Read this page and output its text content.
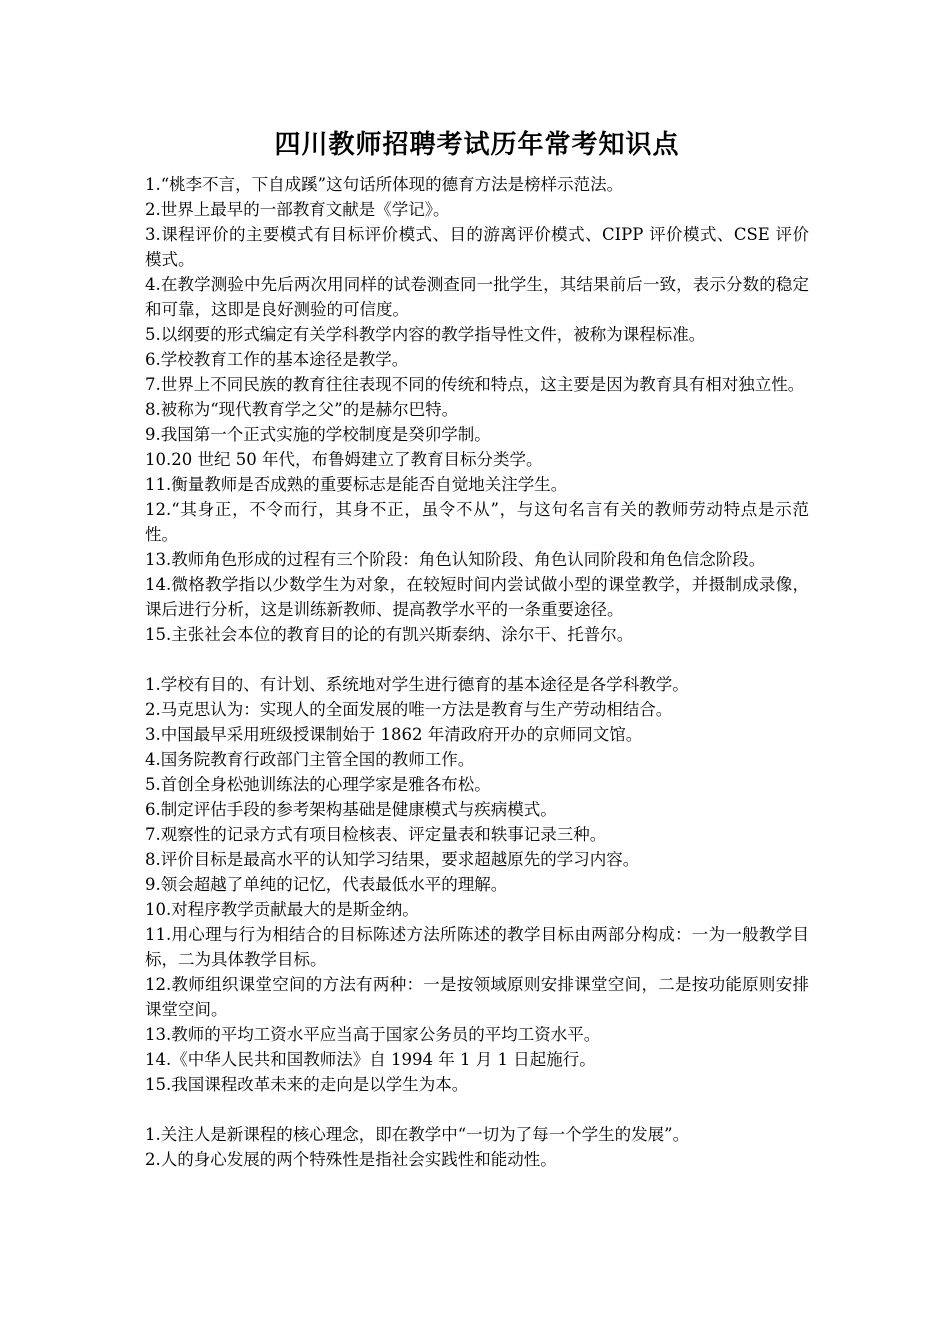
四川教师招聘考试历年常考知识点

1.“桃李不言，下自成蹊”这句话所体现的德育方法是榜样示范法。

2.世界上最早的一部教育文献是《学记》。

3.课程评价的主要模式有目标评价模式、目的游离评价模式、CIPP 评价模式、CSE 评价模式。

4.在教学测验中先后两次用同样的试卷测查同一批学生，其结果前后一致，表示分数的稳定和可靠，这即是良好测验的可信度。

5.以纲要的形式编定有关学科教学内容的教学指导性文件，被称为课程标准。

6.学校教育工作的基本途径是教学。

7.世界上不同民族的教育往往表现不同的传统和特点，这主要是因为教育具有相对独立性。

8.被称为“现代教育学之父”的是赫尔巴特。

9.我国第一个正式实施的学校制度是癸卯学制。

10.20 世纪 50 年代，布鲁姆建立了教育目标分类学。

11.衡量教师是否成熟的重要标志是能否自觉地关注学生。

12.“其身正，不令而行，其身不正，虽令不从”，与这句名言有关的教师劳动特点是示范性。

13.教师角色形成的过程有三个阶段：角色认知阶段、角色认同阶段和角色信念阶段。

14.微格教学指以少数学生为对象，在较短时间内尝试做小型的课堂教学，并摄制成录像，课后进行分析，这是训练新教师、提高教学水平的一条重要途径。

15.主张社会本位的教育目的论的有凯兴斯泰纳、涂尔干、托普尔。

1.学校有目的、有计划、系统地对学生进行德育的基本途径是各学科教学。

2.马克思认为：实现人的全面发展的唯一方法是教育与生产劳动相结合。

3.中国最早采用班级授课制始于 1862 年清政府开办的京师同文馆。

4.国务院教育行政部门主管全国的教师工作。

5.首创全身松弛训练法的心理学家是雅各布松。

6.制定评估手段的参考架构基础是健康模式与疾病模式。

7.观察性的记录方式有项目检核表、评定量表和轶事记录三种。

8.评价目标是最高水平的认知学习结果，要求超越原先的学习内容。

9.领会超越了单纯的记忆，代表最低水平的理解。

10.对程序教学贡献最大的是斯金纳。

11.用心理与行为相结合的目标陈述方法所陈述的教学目标由两部分构成：一为一般教学目标，二为具体教学目标。

12.教师组织课堂空间的方法有两种：一是按领域原则安排课堂空间，二是按功能原则安排课堂空间。

13.教师的平均工资水平应当高于国家公务员的平均工资水平。

14.《中华人民共和国教师法》自 1994 年 1 月 1 日起施行。

15.我国课程改革未来的走向是以学生为本。

1.关注人是新课程的核心理念，即在教学中“一切为了每一个学生的发展”。

2.人的身心发展的两个特殊性是指社会实践性和能动性。
